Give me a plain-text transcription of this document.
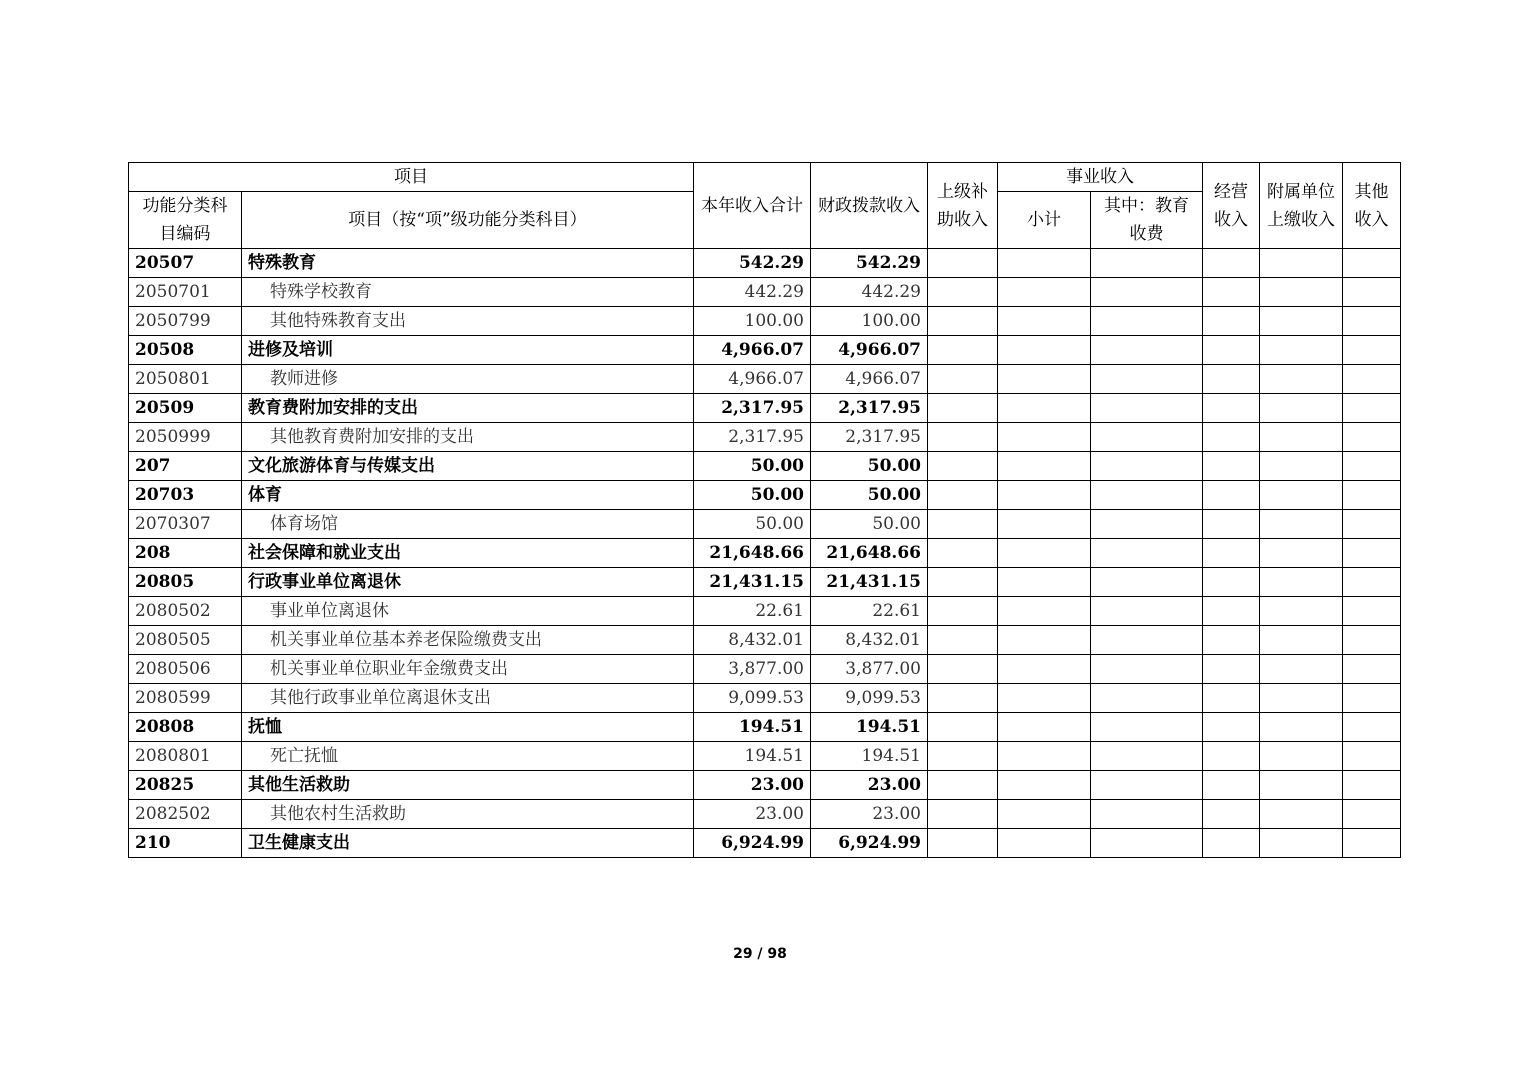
项目		本年收入合计	财政拨款收入	上级补助收入	事业收入		经营收入	附属单位上缴收入	其他收入
功能分类科目编码	项目（按“项”级功能分类科目）								
					小计	其中：教育收费			
20507	特殊教育	542.29	542.29						
2050701	特殊学校教育	442.29	442.29						
2050799	其他特殊教育支出	100.00	100.00						
20508	进修及培训	4,966.07	4,966.07						
2050801	教师进修	4,966.07	4,966.07						
20509	教育费附加安排的支出	2,317.95	2,317.95						
2050999	其他教育费附加安排的支出	2,317.95	2,317.95						
207	文化旅游体育与传媒支出	50.00	50.00						
20703	体育	50.00	50.00						
2070307	体育场馆	50.00	50.00						
208	社会保障和就业支出	21,648.66	21,648.66						
20805	行政事业单位离退休	21,431.15	21,431.15						
2080502	事业单位离退休	22.61	22.61						
2080505	机关事业单位基本养老保险缴费支出	8,432.01	8,432.01						
2080506	机关事业单位职业年金缴费支出	3,877.00	3,877.00						
2080599	其他行政事业单位离退休支出	9,099.53	9,099.53						
20808	抚恤	194.51	194.51						
2080801	死亡抚恤	194.51	194.51						
20825	其他生活救助	23.00	23.00						
2082502	其他农村生活救助	23.00	23.00						
210	卫生健康支出	6,924.99	6,924.99						
29 / 98
